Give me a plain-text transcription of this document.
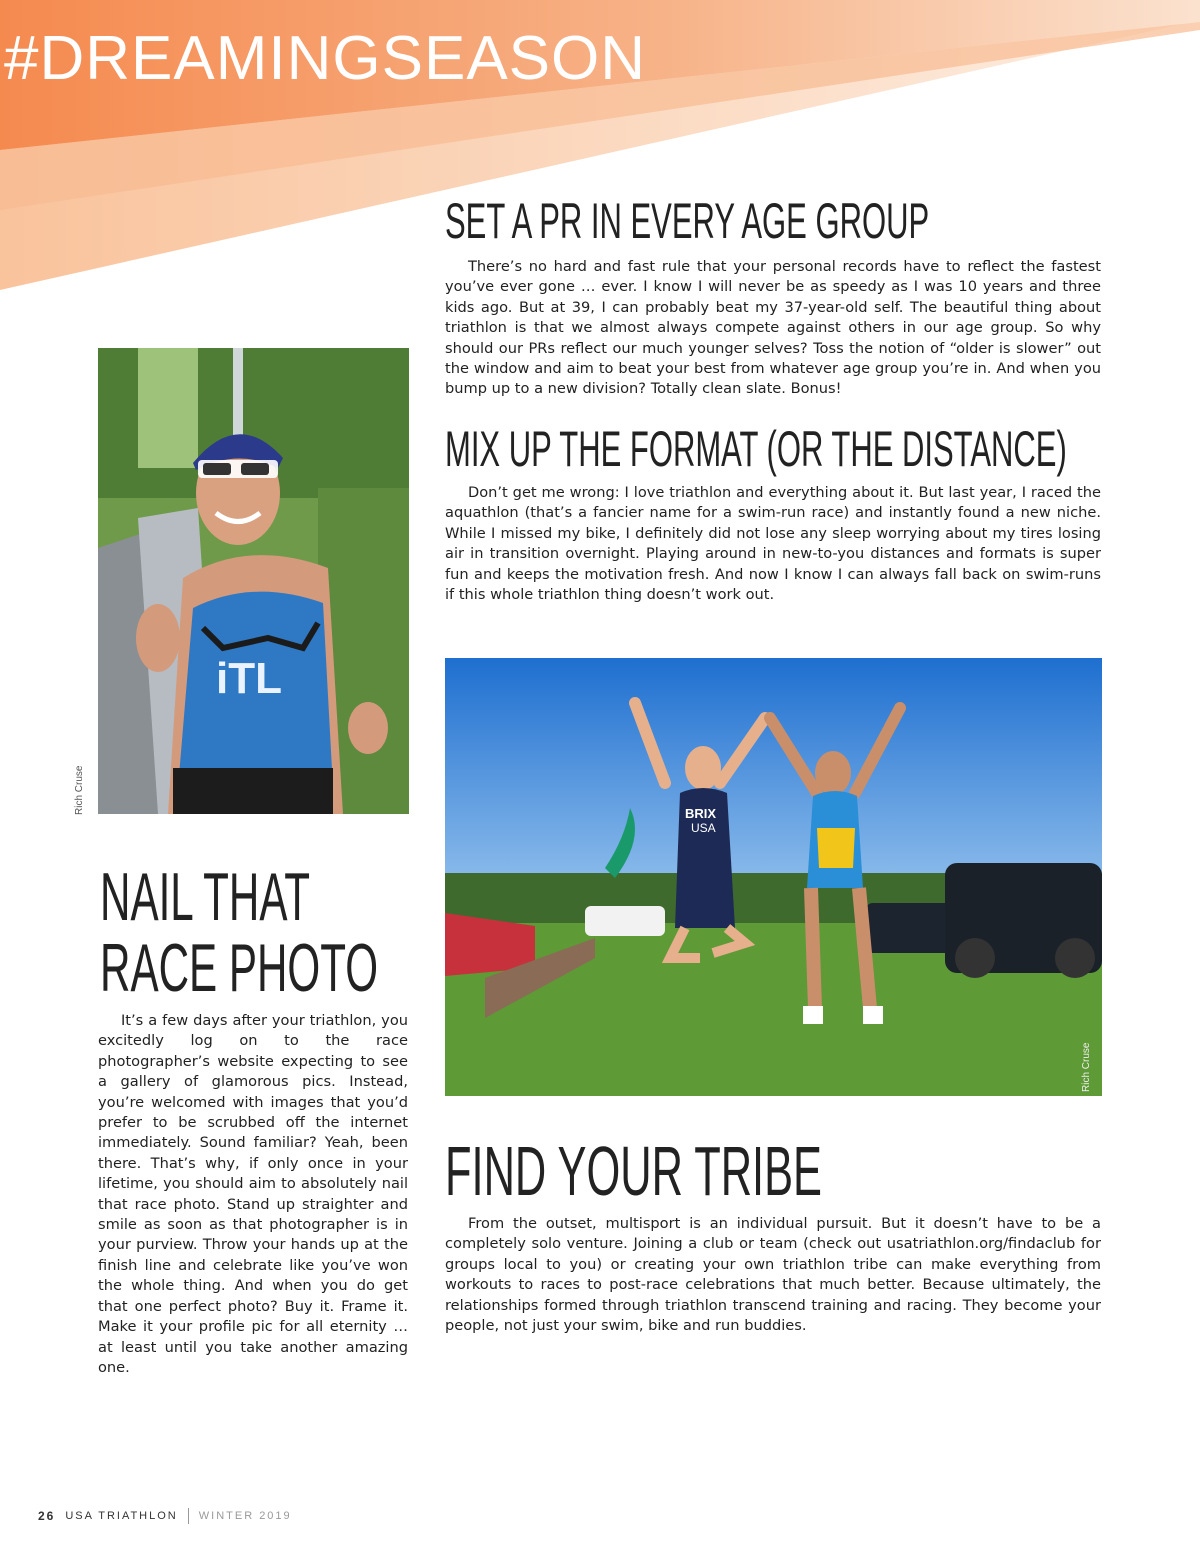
#DREAMINGSEASON
SET A PR IN EVERY AGE GROUP

There’s no hard and fast rule that your personal records have to reflect the fastest you’ve ever gone … ever. I know I will never be as speedy as I was 10 years and three kids ago. But at 39, I can probably beat my 37-year-old self. The beautiful thing about triathlon is that we almost always compete against others in our age group. So why should our PRs reflect our much younger selves? Toss the notion of “older is slower” out the window and aim to beat your best from whatever age group you’re in. And when you bump up to a new division? Totally clean slate. Bonus!

MIX UP THE FORMAT (OR THE DISTANCE)

Don’t get me wrong: I love triathlon and everything about it. But last year, I raced the aquathlon (that’s a fancier name for a swim-run race) and instantly found a new niche. While I missed my bike, I definitely did not lose any sleep worrying about my tires losing air in transition overnight. Playing around in new-to-you distances and formats is super fun and keeps the motivation fresh. And now I know I can always fall back on swim-runs if this whole triathlon thing doesn’t work out.

iTL
Rich Cruse
NAIL THAT RACE PHOTO

It’s a few days after your triathlon, you excitedly log on to the race photographer’s website expecting to see a gallery of glamorous pics. Instead, you’re welcomed with images that you’d prefer to be scrubbed off the internet immediately. Sound familiar? Yeah, been there. That’s why, if only once in your lifetime, you should aim to absolutely nail that race photo. Stand up straighter and smile as soon as that photographer is in your purview. Throw your hands up at the finish line and celebrate like you’ve won the whole thing. And when you do get that one perfect photo? Buy it. Frame it. Make it your profile pic for all eternity … at least until you take another amazing one.

BRIX
USA
Rich Cruse
FIND YOUR TRIBE

From the outset, multisport is an individual pursuit. But it doesn’t have to be a completely solo venture. Joining a club or team (check out usatriathlon.org/findaclub for groups local to you) or creating your own triathlon tribe can make everything from workouts to races to post-race celebrations that much better. Because ultimately, the relationships formed through triathlon transcend training and racing. They become your people, not just your swim, bike and run buddies.

26 USA TRIATHLON WINTER 2019
